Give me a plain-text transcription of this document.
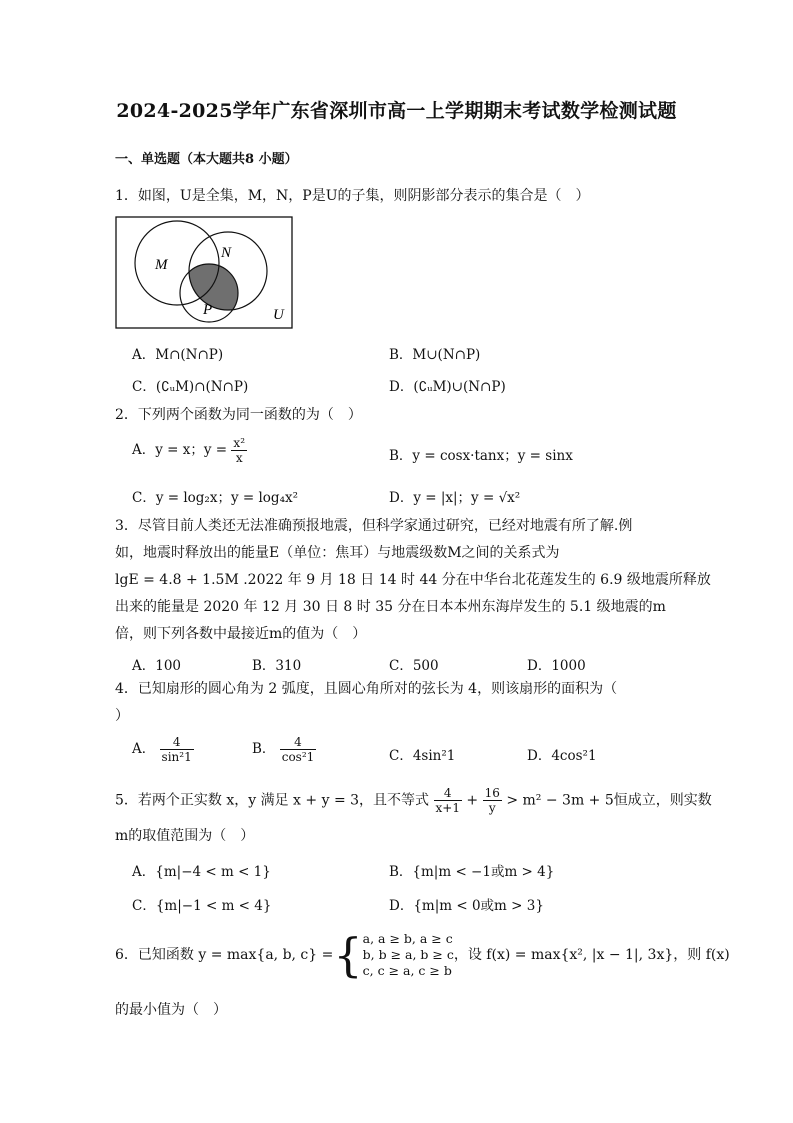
2024-2025学年广东省深圳市高一上学期期末考试数学检测试题
一、单选题（本大题共8 小题）
1．如图，U是全集，M，N，P是U的子集，则阴影部分表示的集合是（　）
M
N
P	U
A．M∩(N∩P)	B．M∪(N∩P)
C．(∁ᵤM)∩(N∩P)	D．(∁ᵤM)∪(N∩P)
2．下列两个函数为同一函数的为（　）
A．y = x；$y = \frac{\text{x²}}{x}$	B．y = cosx·tanx；y = sinx
C．y = log₂x；y = log₄x²	D．y = |x|；y = √x²
3．尽管目前人类还无法准确预报地震，但科学家通过研究，已经对地震有所了解.例
如，地震时释放出的能量E（单位：焦耳）与地震级数M之间的关系式为
lgE = 4.8 + 1.5M .2022 年 9 月 18 日 14 时 44 分在中华台北花莲发生的 6.9 级地震所释放
出来的能量是 2020 年 12 月 30 日 8 时 35 分在日本本州东海岸发生的 5.1 级地震的m
倍，则下列各数中最接近m的值为（　）
A．100	B．310	C．500	D．1000
4．已知扇形的圆心角为 2 弧度，且圆心角所对的弦长为 4，则该扇形的面积为（
）
A． $\frac{4}{\text{sin²1}}$	B． $\frac{4}{\text{cos²1}}$	C．4sin²1	D．4cos²1
5．若两个正实数 x，y 满足 x + y = 3，且不等式 $\frac{4}{x+1} + \frac{16}{y} > m^2 - 3m + 5$恒成立，则实数
m的取值范围为（　）
A．{m|−4 < m < 1}	B．{m|m < −1或m > 4}
C．{m|−1 < m < 4}	D．{m|m < 0或m > 3}
6．已知函数 y = max{a, b, c} ={ a, a ≥ b, a ≥ c
b, b ≥ a, b ≥ c
c, c ≥ a, c ≥ b
，设 f(x) = max{x², |x − 1|, 3x}，则 f(x)
的最小值为（　）
